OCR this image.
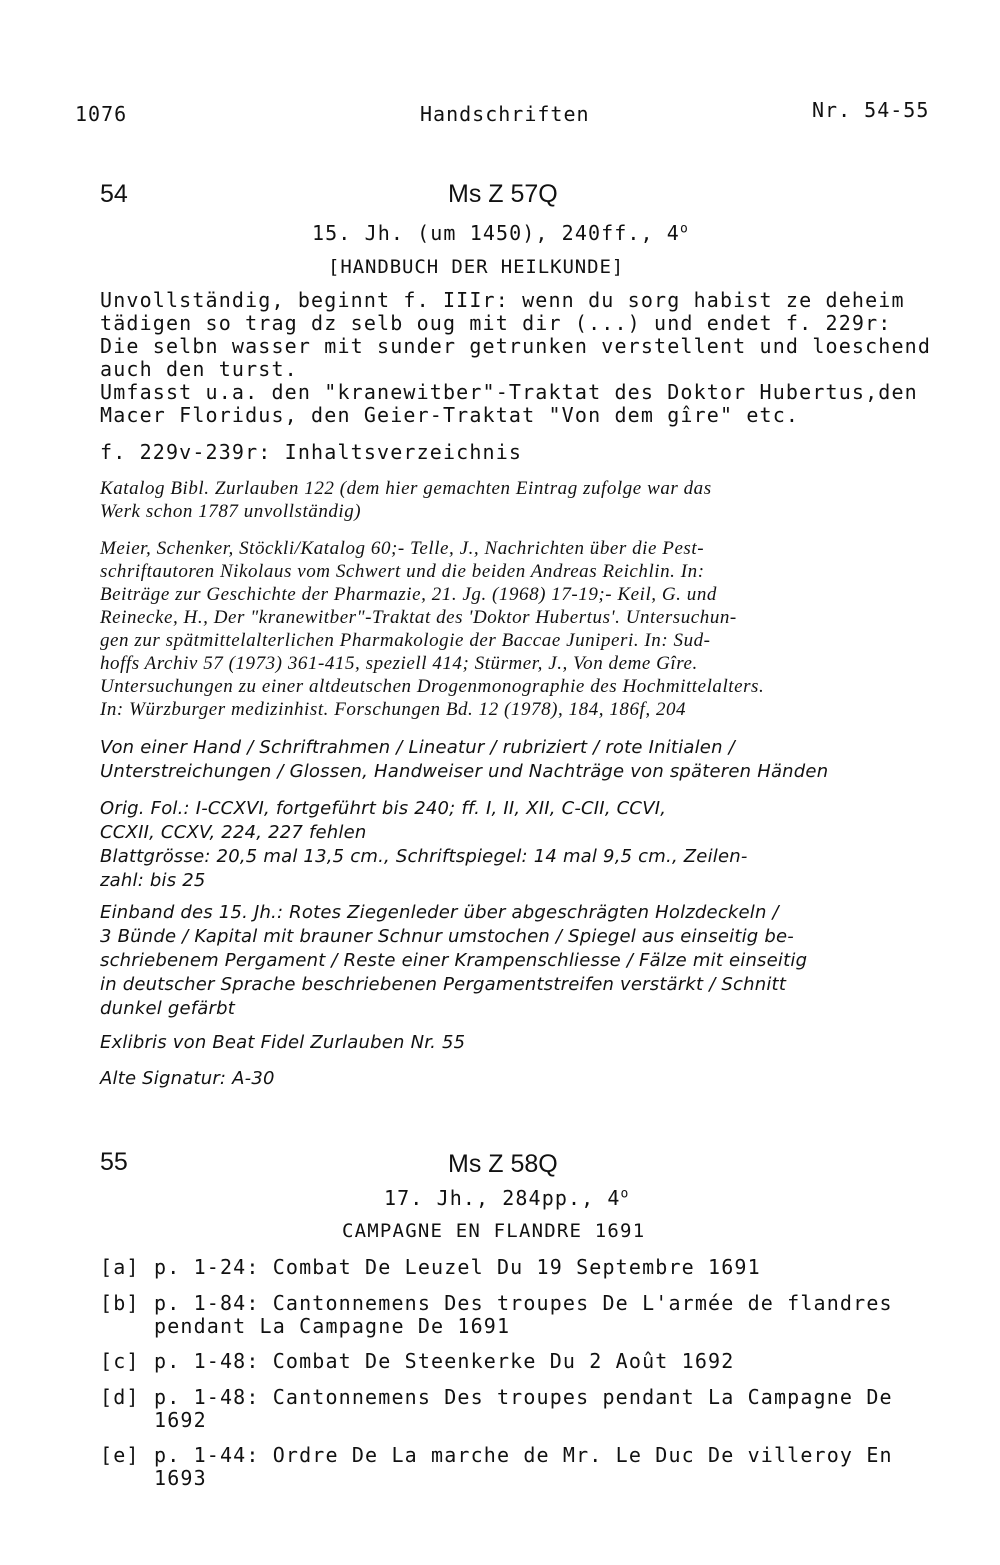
1076	Handschriften	Nr. 54-55
54	Ms Z 57Q
15. Jh. (um 1450), 240ff., 4$^o$
[HANDBUCH DER HEILKUNDE]
Unvollständig, beginnt f. IIIr: wenn du sorg habist ze deheim
tädigen so trag dz selb oug mit dir (...) und endet f. 229r:
Die selbn wasser mit sunder getrunken verstellent und loeschend
auch den turst.
Umfasst u.a. den "kranewitber"-Traktat des Doktor Hubertus,den
Macer Floridus, den Geier-Traktat "Von dem gîre" etc.
f. 229v-239r: Inhaltsverzeichnis
Katalog Bibl. Zurlauben 122 (dem hier gemachten Eintrag zufolge war das
Werk schon 1787 unvollständig)
Meier, Schenker, Stöckli/Katalog 60;- Telle, J., Nachrichten über die Pest-
schriftautoren Nikolaus vom Schwert und die beiden Andreas Reichlin. In:
Beiträge zur Geschichte der Pharmazie, 21. Jg. (1968) 17-19;- Keil, G. und
Reinecke, H., Der "kranewitber"-Traktat des 'Doktor Hubertus'. Untersuchun-
gen zur spätmittelalterlichen Pharmakologie der Baccae Juniperi. In: Sud-
hoffs Archiv 57 (1973) 361-415, speziell 414; Stürmer, J., Von deme Gîre.
Untersuchungen zu einer altdeutschen Drogenmonographie des Hochmittelalters.
In: Würzburger medizinhist. Forschungen Bd. 12 (1978), 184, 186f, 204
Von einer Hand / Schriftrahmen / Lineatur / rubriziert / rote Initialen /
Unterstreichungen / Glossen, Handweiser und Nachträge von späteren Händen
Orig. Fol.: I-CCXVI, fortgeführt bis 240; ff. I, II, XII, C-CII, CCVI,
CCXII, CCXV, 224, 227 fehlen
Blattgrösse: 20,5 mal 13,5 cm., Schriftspiegel: 14 mal 9,5 cm., Zeilen-
zahl: bis 25
Einband des 15. Jh.: Rotes Ziegenleder über abgeschrägten Holzdeckeln /
3 Bünde / Kapital mit brauner Schnur umstochen / Spiegel aus einseitig be-
schriebenem Pergament / Reste einer Krampenschliesse / Fälze mit einseitig
in deutscher Sprache beschriebenen Pergamentstreifen verstärkt / Schnitt
dunkel gefärbt
Exlibris von Beat Fidel Zurlauben Nr. 55
Alte Signatur: A-30
55	Ms Z 58Q
17. Jh., 284pp., 4$^o$
CAMPAGNE EN FLANDRE 1691
[a] p. 1-24: Combat De Leuzel Du 19 Septembre 1691
[b] p. 1-84: Cantonnemens Des troupes De L'armée de flandres
pendant La Campagne De 1691
[c] p. 1-48: Combat De Steenkerke Du 2 Août 1692
[d] p. 1-48: Cantonnemens Des troupes pendant La Campagne De
1692
[e] p. 1-44: Ordre De La marche de Mr. Le Duc De villeroy En
1693
